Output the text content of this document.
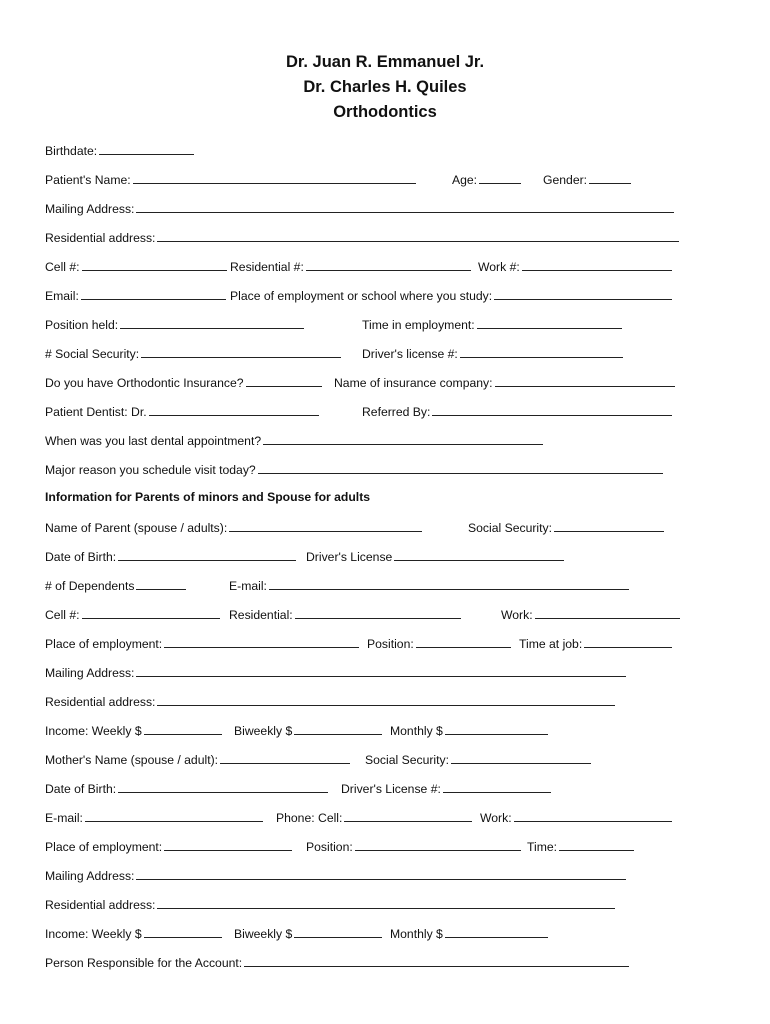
Dr. Juan R. Emmanuel Jr.
Dr. Charles H. Quiles
Orthodontics
Birthdate:
Patient's Name:	Age:	Gender:
Mailing Address:
Residential address:
Cell #:	Residential #:	Work #:
Email:	Place of employment or school where you study:
Position held:	Time in employment:
# Social Security:	Driver's license #:
Do you have Orthodontic Insurance?	Name of insurance company:
Patient Dentist: Dr.	Referred By:
When was you last dental appointment?
Major reason you schedule visit today?
Information for Parents of minors and Spouse for adults
Name of Parent (spouse / adults):	Social Security:
Date of Birth:	Driver's License
# of Dependents	E-mail:
Cell #:	Residential:	Work:
Place of employment:	Position:	Time at job:
Mailing Address:
Residential address:
Income: Weekly $	Biweekly $	Monthly $
Mother's Name (spouse / adult):	Social Security:
Date of Birth:	Driver's License #:
E-mail:	Phone: Cell:	Work:
Place of employment:	Position:	Time:
Mailing Address:
Residential address:
Income: Weekly $	Biweekly $	Monthly $
Person Responsible for the Account:
